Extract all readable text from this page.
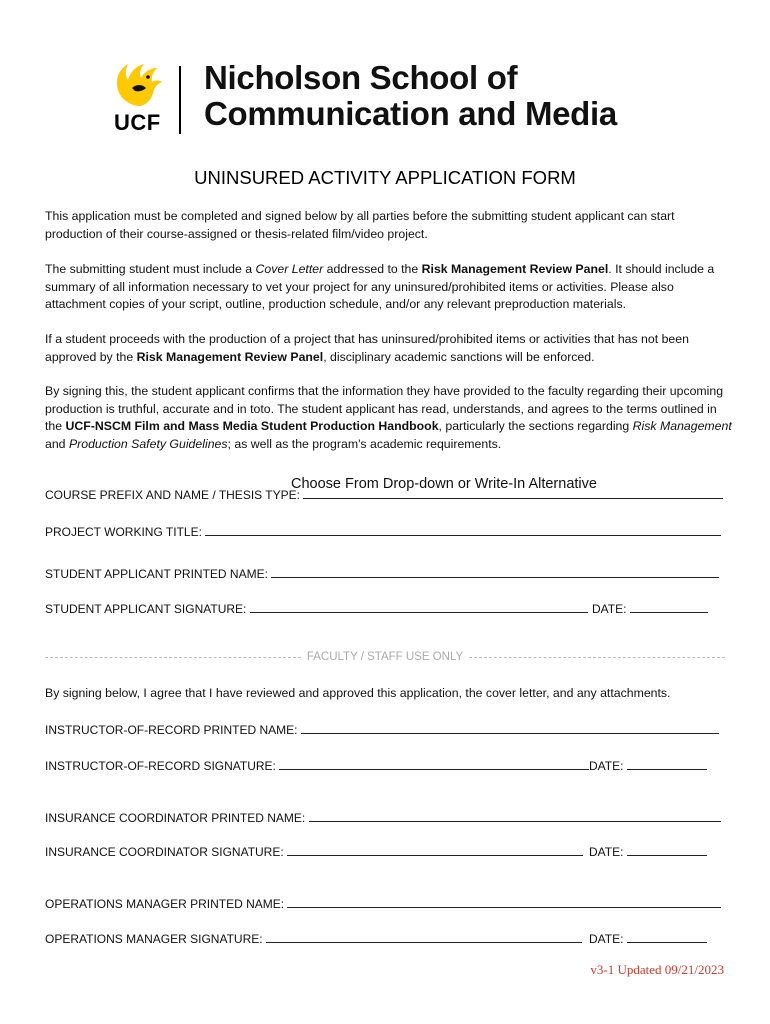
UCF
Nicholson School of
Communication and Media
UNINSURED ACTIVITY APPLICATION FORM
This application must be completed and signed below by all parties before the submitting student applicant can start production of their course-assigned or thesis-related film/video project.
The submitting student must include a Cover Letter addressed to the Risk Management Review Panel. It should include a summary of all information necessary to vet your project for any uninsured/prohibited items or activities. Please also attachment copies of your script, outline, production schedule, and/or any relevant preproduction materials.
If a student proceeds with the production of a project that has uninsured/prohibited items or activities that has not been approved by the Risk Management Review Panel, disciplinary academic sanctions will be enforced.
By signing this, the student applicant confirms that the information they have provided to the faculty regarding their upcoming production is truthful, accurate and in toto. The student applicant has read, understands, and agrees to the terms outlined in the UCF-NSCM Film and Mass Media Student Production Handbook, particularly the sections regarding Risk Management and Production Safety Guidelines; as well as the program's academic requirements.
COURSE PREFIX AND NAME / THESIS TYPE:
Choose From Drop-down or Write-In Alternative
PROJECT WORKING TITLE:
STUDENT APPLICANT PRINTED NAME:
STUDENT APPLICANT SIGNATURE:	DATE:
FACULTY / STAFF USE ONLY
By signing below, I agree that I have reviewed and approved this application, the cover letter, and any attachments.
INSTRUCTOR-OF-RECORD PRINTED NAME:
INSTRUCTOR-OF-RECORD SIGNATURE:	DATE:
INSURANCE COORDINATOR PRINTED NAME:
INSURANCE COORDINATOR SIGNATURE:	DATE:
OPERATIONS MANAGER PRINTED NAME:
OPERATIONS MANAGER SIGNATURE:	DATE:
v3-1 Updated 09/21/2023
